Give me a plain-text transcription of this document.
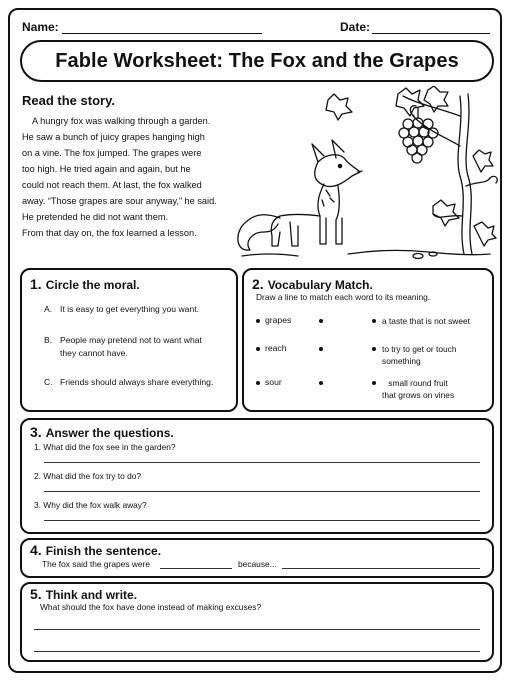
Name:	Date:
Fable Worksheet: The Fox and the Grapes
Read the story.
A hungry fox was walking through a garden.
He saw a bunch of juicy grapes hanging high
on a vine. The fox jumped. The grapes were
too high. He tried again and again, but he
could not reach them. At last, the fox walked
away. “Those grapes are sour anyway,” he said.
He pretended he did not want them.
From that day on, the fox learned a lesson.
1. Circle the moral.
A. It is easy to get everything you want.
B. People may pretend not to want what
they cannot have.
C. Friends should always share everything.
2. Vocabulary Match.
Draw a line to match each word to its meaning.
grapes	a taste that is not sweet
reach	to try to get or touch
something
sour	small round fruit
that grows on vines
3. Answer the questions.
1. What did the fox see in the garden?
2. What did the fox try to do?
3. Why did the fox walk away?
4. Finish the sentence.
The fox said the grapes were	because...
5. Think and write.
What should the fox have done instead of making excuses?
